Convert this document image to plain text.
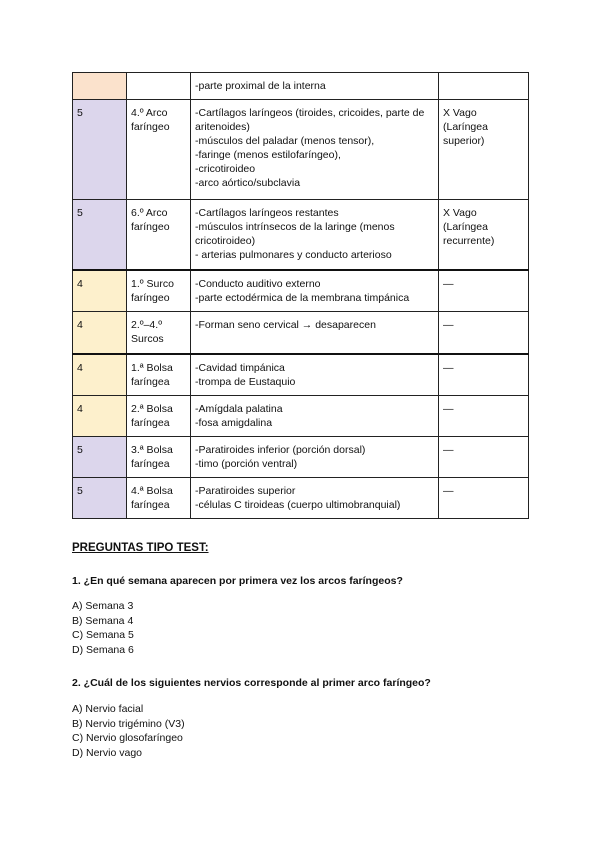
		-parte proximal de la interna	

5	4.º Arco faríngeo	-Cartílagos laríngeos (tiroides, cricoides, parte de aritenoides)
-músculos del paladar (menos tensor),
-faringe (menos estilofaríngeo),
-cricotiroideo
-arco aórtico/subclavia	X Vago (Laríngea superior)
5	6.º Arco faríngeo	-Cartílagos laríngeos restantes
-músculos intrínsecos de la laringe (menos cricotiroideo)
- arterias pulmonares y conducto arterioso	X Vago (Laríngea recurrente)
4	1.º Surco faríngeo	-Conducto auditivo externo
-parte ectodérmica de la membrana timpánica	—
4	2.º–4.º Surcos	-Forman seno cervical → desaparecen	—
4	1.ª Bolsa faríngea	-Cavidad timpánica
-trompa de Eustaquio	—
4	2.ª Bolsa faríngea	-Amígdala palatina
-fosa amigdalina	—
5	3.ª Bolsa faríngea	-Paratiroides inferior (porción dorsal)
-timo (porción ventral)	—
5	4.ª Bolsa faríngea	-Paratiroides superior
-células C tiroideas (cuerpo ultimobranquial)	—
PREGUNTAS TIPO TEST:
1. ¿En qué semana aparecen por primera vez los arcos faríngeos?
A) Semana 3
B) Semana 4
C) Semana 5
D) Semana 6
2. ¿Cuál de los siguientes nervios corresponde al primer arco faríngeo?
A) Nervio facial
B) Nervio trigémino (V3)
C) Nervio glosofaríngeo
D) Nervio vago
